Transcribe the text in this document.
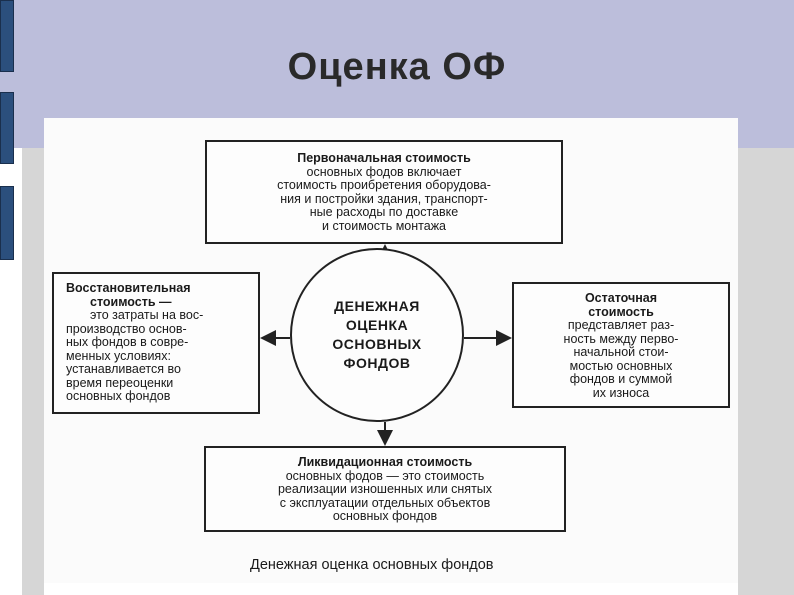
Оценка ОФ
Первоначальная стоимость
основных фодов включает
стоимость проибретения оборудова-
ния и постройки здания, транспорт-
ные расходы по доставке
и стоимость монтажа
Восстановительная
стоимость —
это затраты на вос-
производство основ-
ных фондов в совре-
менных условиях:
устанавливается во
время переоценки
основных фондов
Остаточная
стоимость
представляет раз-
ность между перво-
начальной стои-
мостью основных
фондов и суммой
их износа
Ликвидационная стоимость
основных фодов — это стоимость
реализации изношенных или снятых
с эксплуатации отдельных объектов
основных фондов
ДЕНЕЖНАЯ
ОЦЕНКА
ОСНОВНЫХ
ФОНДОВ
Денежная оценка основных фондов
